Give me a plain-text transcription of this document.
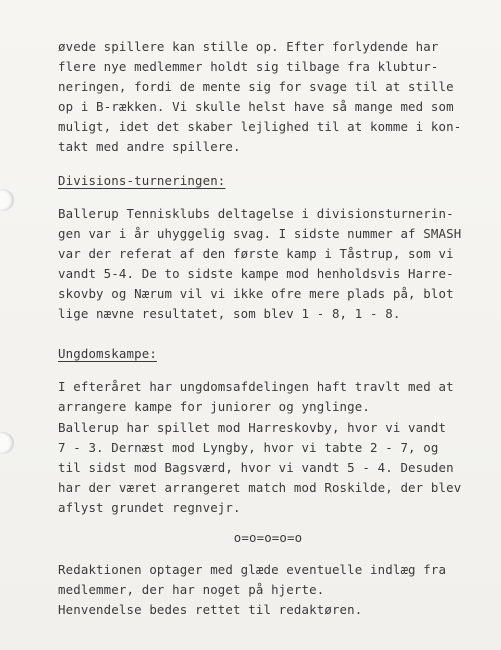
øvede spillere kan stille op. Efter forlydende har
flere nye medlemmer holdt sig tilbage fra klubtur-
neringen, fordi de mente sig for svage til at stille
op i B-rækken. Vi skulle helst have så mange med som
muligt, idet det skaber lejlighed til at komme i kon-
takt med andre spillere.
Divisions-turneringen:
Ballerup Tennisklubs deltagelse i divisionsturnerin-
gen var i år uhyggelig svag. I sidste nummer af SMASH
var der referat af den første kamp i Tåstrup, som vi
vandt 5-4. De to sidste kampe mod henholdsvis Harre-
skovby og Nærum vil vi ikke ofre mere plads på, blot
lige nævne resultatet, som blev 1 - 8, 1 - 8.
Ungdomskampe:
I efteråret har ungdomsafdelingen haft travlt med at
arrangere kampe for juniorer og ynglinge.
Ballerup har spillet mod Harreskovby, hvor vi vandt
7 - 3. Dernæst mod Lyngby, hvor vi tabte 2 - 7, og
til sidst mod Bagsværd, hvor vi vandt 5 - 4. Desuden
har der været arrangeret match mod Roskilde, der blev
aflyst grundet regnvejr.
o=o=o=o=o
Redaktionen optager med glæde eventuelle indlæg fra
medlemmer, der har noget på hjerte.
Henvendelse bedes rettet til redaktøren.
